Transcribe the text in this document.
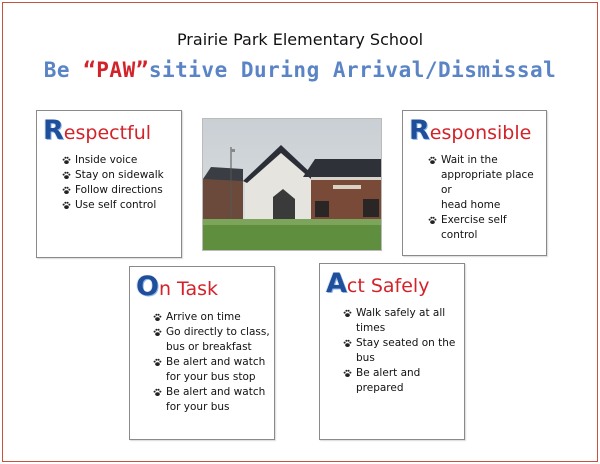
Prairie Park Elementary School
Be “PAW”sitive During Arrival/Dismissal
Respectful
Inside voice
Stay on sidewalk
Follow directions
Use self control
Responsible
Wait in the
appropriate place or
head home
Exercise self
control
On Task
Arrive on time
Go directly to class,
bus or breakfast
Be alert and watch
for your bus stop
Be alert and watch
for your bus
Act Safely
Walk safely at all
times
Stay seated on the
bus
Be alert and
prepared
